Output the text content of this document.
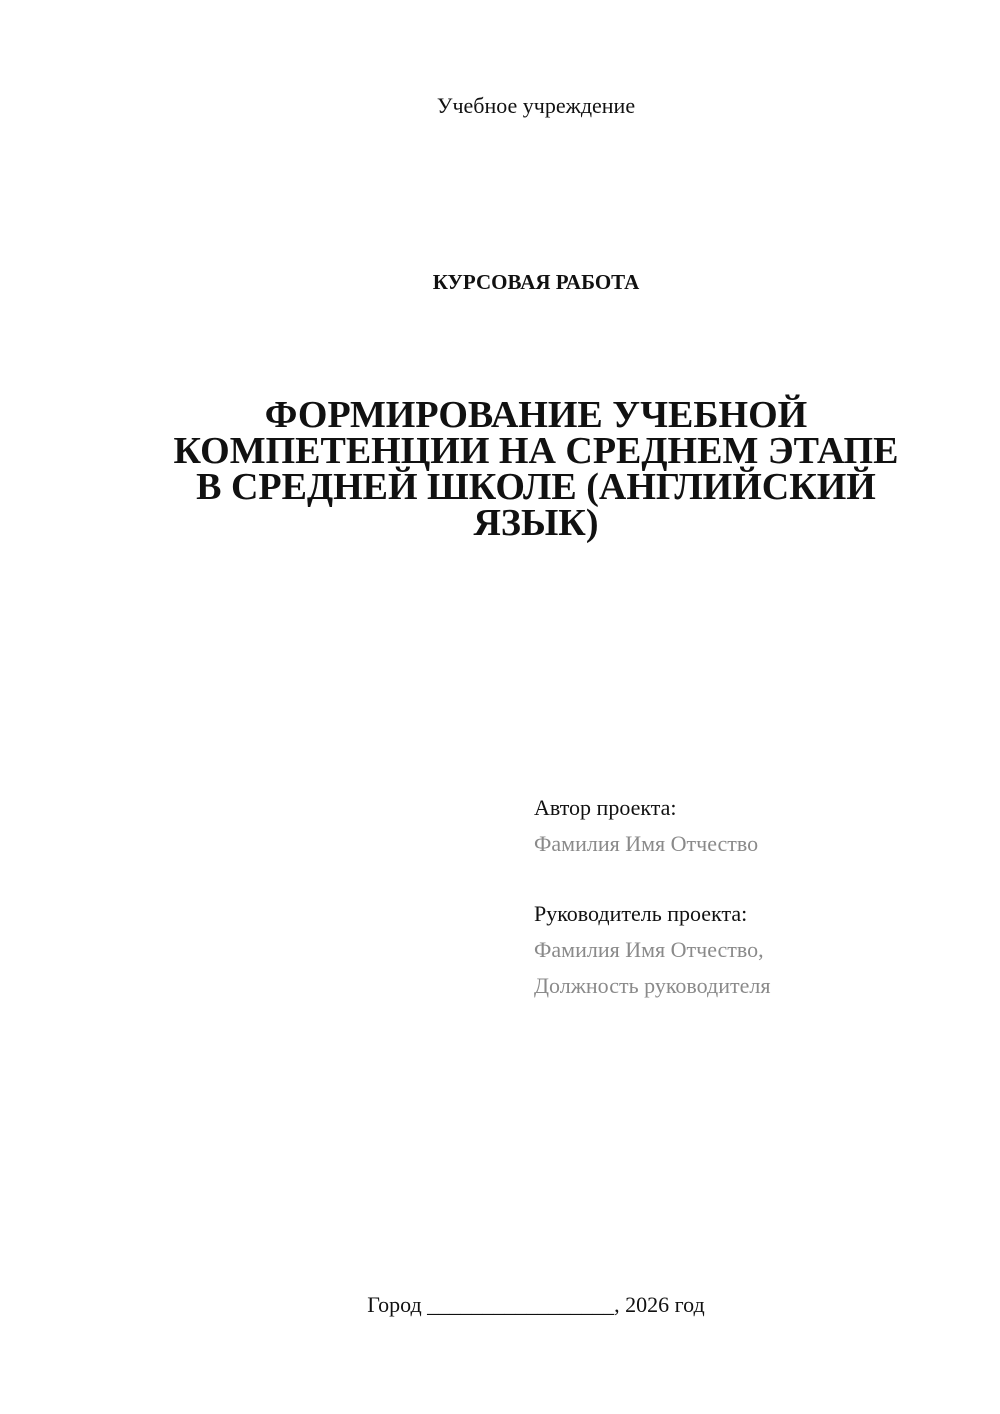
Учебное учреждение
КУРСОВАЯ РАБОТА
ФОРМИРОВАНИЕ УЧЕБНОЙ
КОМПЕТЕНЦИИ НА СРЕДНЕМ ЭТАПЕ
В СРЕДНЕЙ ШКОЛЕ (АНГЛИЙСКИЙ
ЯЗЫК)
Автор проекта:
Фамилия Имя Отчество
Руководитель проекта:
Фамилия Имя Отчество,
Должность руководителя
Город _________________, 2026 год
